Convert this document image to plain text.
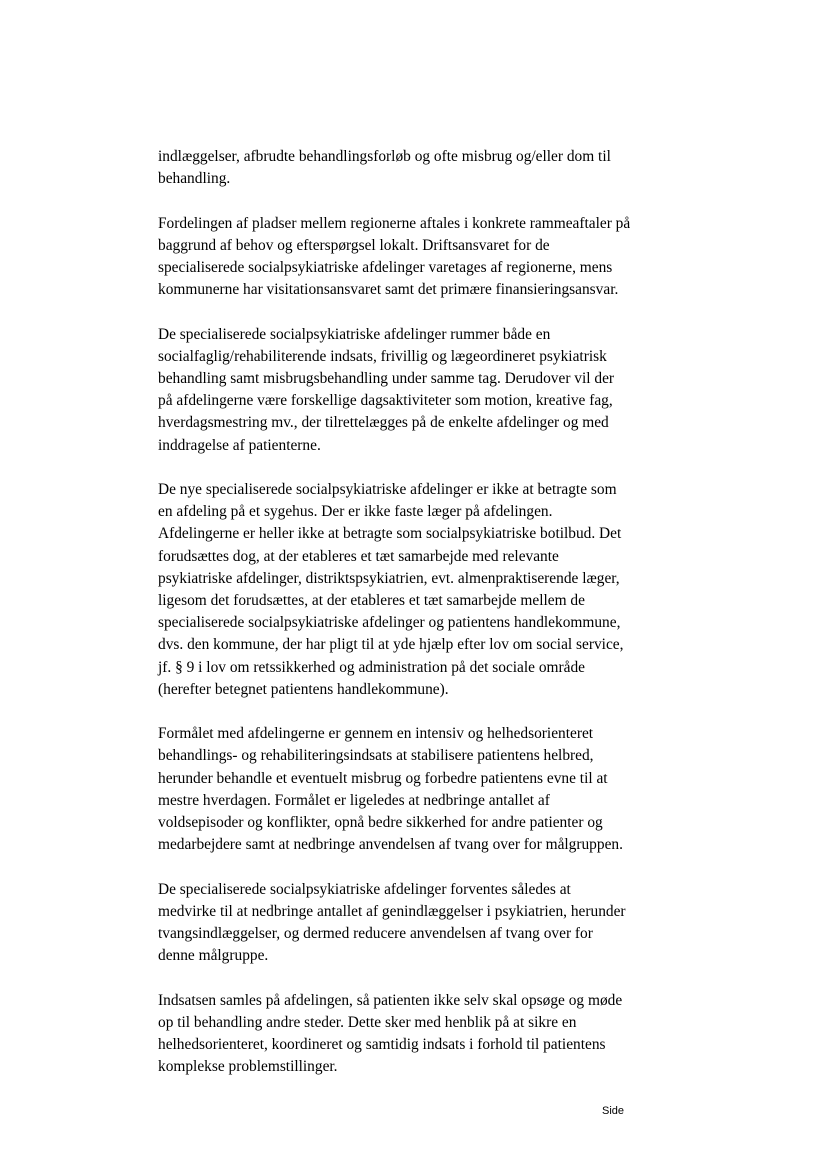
indlæggelser, afbrudte behandlingsforløb og ofte misbrug og/eller dom til
behandling.

Fordelingen af pladser mellem regionerne aftales i konkrete rammeaftaler på
baggrund af behov og efterspørgsel lokalt. Driftsansvaret for de
specialiserede socialpsykiatriske afdelinger varetages af regionerne, mens
kommunerne har visitationsansvaret samt det primære finansieringsansvar.

De specialiserede socialpsykiatriske afdelinger rummer både en
socialfaglig/rehabiliterende indsats, frivillig og lægeordineret psykiatrisk
behandling samt misbrugsbehandling under samme tag. Derudover vil der
på afdelingerne være forskellige dagsaktiviteter som motion, kreative fag,
hverdagsmestring mv., der tilrettelægges på de enkelte afdelinger og med
inddragelse af patienterne.

De nye specialiserede socialpsykiatriske afdelinger er ikke at betragte som
en afdeling på et sygehus. Der er ikke faste læger på afdelingen.
Afdelingerne er heller ikke at betragte som socialpsykiatriske botilbud. Det
forudsættes dog, at der etableres et tæt samarbejde med relevante
psykiatriske afdelinger, distriktspsykiatrien, evt. almenpraktiserende læger,
ligesom det forudsættes, at der etableres et tæt samarbejde mellem de
specialiserede socialpsykiatriske afdelinger og patientens handlekommune,
dvs. den kommune, der har pligt til at yde hjælp efter lov om social service,
jf. § 9 i lov om retssikkerhed og administration på det sociale område
(herefter betegnet patientens handlekommune).

Formålet med afdelingerne er gennem en intensiv og helhedsorienteret
behandlings- og rehabiliteringsindsats at stabilisere patientens helbred,
herunder behandle et eventuelt misbrug og forbedre patientens evne til at
mestre hverdagen. Formålet er ligeledes at nedbringe antallet af
voldsepisoder og konflikter, opnå bedre sikkerhed for andre patienter og
medarbejdere samt at nedbringe anvendelsen af tvang over for målgruppen.

De specialiserede socialpsykiatriske afdelinger forventes således at
medvirke til at nedbringe antallet af genindlæggelser i psykiatrien, herunder
tvangsindlæggelser, og dermed reducere anvendelsen af tvang over for
denne målgruppe.

Indsatsen samles på afdelingen, så patienten ikke selv skal opsøge og møde
op til behandling andre steder. Dette sker med henblik på at sikre en
helhedsorienteret, koordineret og samtidig indsats i forhold til patientens
komplekse problemstillinger.

Side
